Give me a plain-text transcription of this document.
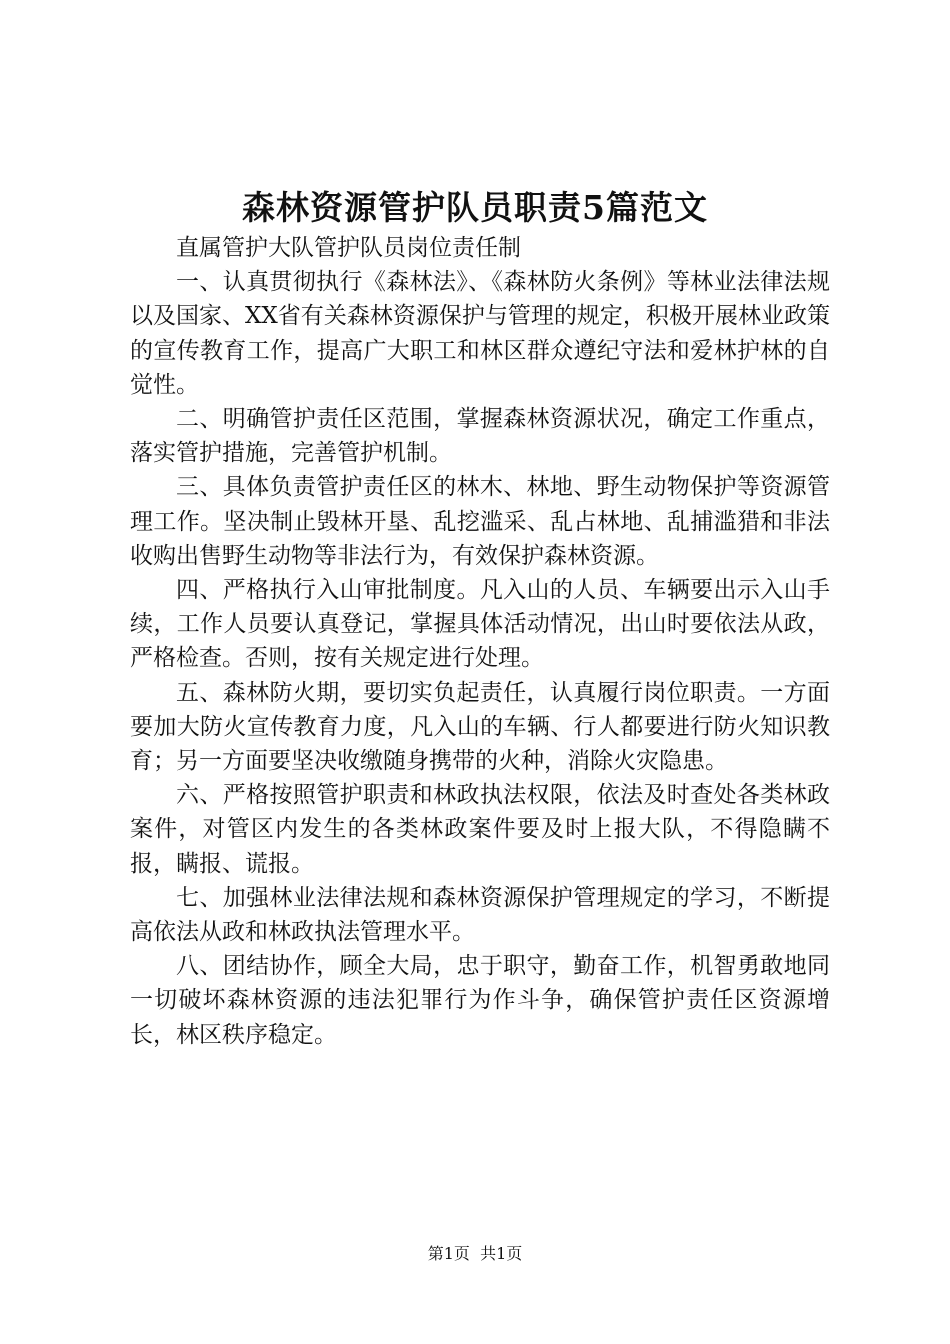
森林资源管护队员职责5篇范文

直属管护大队管护队员岗位责任制

一、认真贯彻执行《森林法》、《森林防火条例》等林业法律法规以及国家、XX省有关森林资源保护与管理的规定，积极开展林业政策的宣传教育工作，提高广大职工和林区群众遵纪守法和爱林护林的自觉性。

二、明确管护责任区范围，掌握森林资源状况，确定工作重点，落实管护措施，完善管护机制。

三、具体负责管护责任区的林木、林地、野生动物保护等资源管理工作。坚决制止毁林开垦、乱挖滥采、乱占林地、乱捕滥猎和非法收购出售野生动物等非法行为，有效保护森林资源。

四、严格执行入山审批制度。凡入山的人员、车辆要出示入山手续，工作人员要认真登记，掌握具体活动情况，出山时要依法从政，严格检查。否则，按有关规定进行处理。

五、森林防火期，要切实负起责任，认真履行岗位职责。一方面要加大防火宣传教育力度，凡入山的车辆、行人都要进行防火知识教育；另一方面要坚决收缴随身携带的火种，消除火灾隐患。

六、严格按照管护职责和林政执法权限，依法及时查处各类林政案件，对管区内发生的各类林政案件要及时上报大队，不得隐瞒不报，瞒报、谎报。

七、加强林业法律法规和森林资源保护管理规定的学习，不断提高依法从政和林政执法管理水平。

八、团结协作，顾全大局，忠于职守，勤奋工作，机智勇敢地同一切破坏森林资源的违法犯罪行为作斗争，确保管护责任区资源增长，林区秩序稳定。

第1页  共1页
